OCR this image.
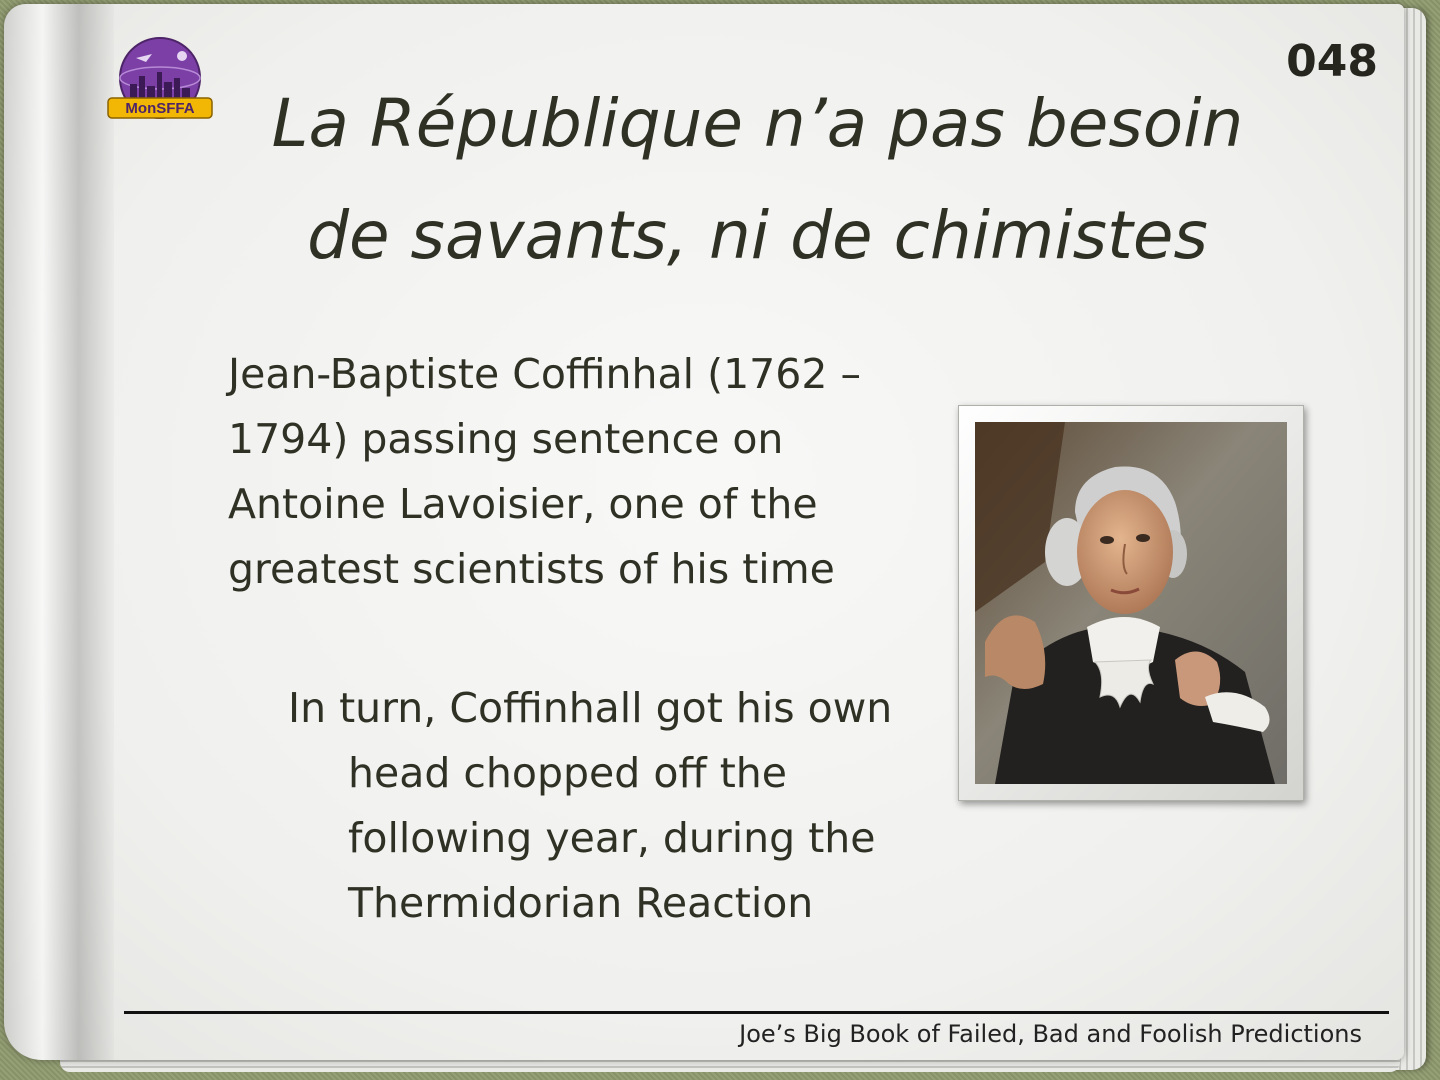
MonSFFA
048
La République n’a pas besoin
de savants, ni de chimistes

Jean-Baptiste Coffinhal (1762 – 1794) passing sentence on Antoine Lavoisier, one of the greatest scientists of his time

In turn, Coffinhall got his own head chopped off the following year, during the Thermidorian Reaction

Joe’s Big Book of Failed, Bad and Foolish Predictions
